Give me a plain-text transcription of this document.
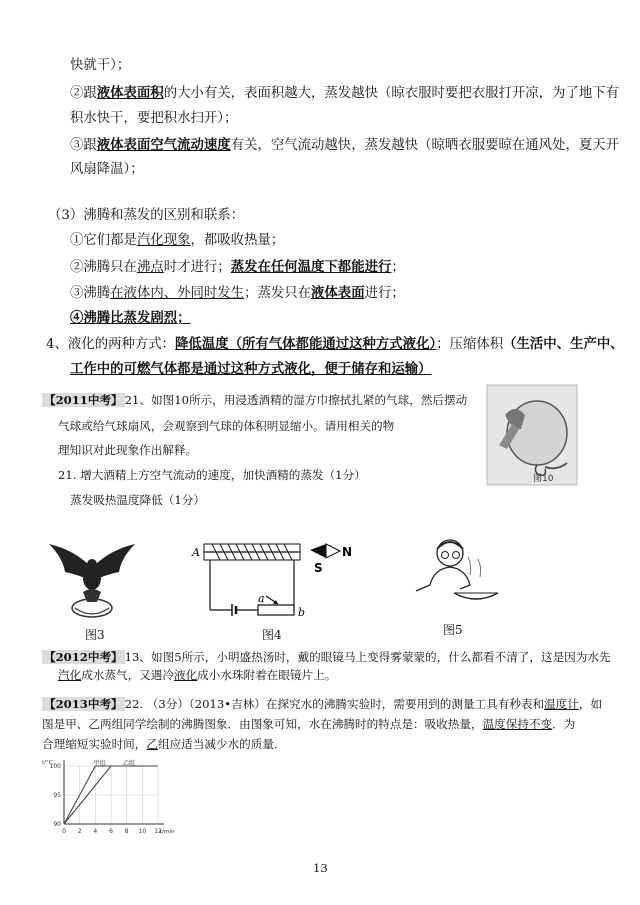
快就干）；
②跟液体表面积的大小有关，表面积越大，蒸发越快（晾衣服时要把衣服打开凉，为了地下有
积水快干，要把积水扫开）；
③跟液体表面空气流动速度有关，空气流动越快，蒸发越快（晾晒衣服要晾在通风处，夏天开
风扇降温）；
（3）沸腾和蒸发的区别和联系：
①它们都是汽化现象，都吸收热量；
②沸腾只在沸点时才进行；蒸发在任何温度下都能进行；
③沸腾在液体内、外同时发生；蒸发只在液体表面进行；
④沸腾比蒸发剧烈；
4、液化的两种方式：降低温度（所有气体都能通过这种方式液化）；压缩体积（生活中、生产中、
工作中的可燃气体都是通过这种方式液化，便于储存和运输）
【2011中考】 21、如图10所示，用浸透酒精的湿方巾擦拭扎紧的气球，然后摆动
气球或给气球扇风，会观察到气球的体积明显缩小。请用相关的物
理知识对此现象作出解释。
21. 增大酒精上方空气流动的速度，加快酒精的蒸发（1分）
蒸发吸热温度降低（1分）
图10
图3
A
S
N
a
b
图4	图5
【2012中考】 13、如图5所示，小明盛热汤时，戴的眼镜马上变得雾蒙蒙的，什么都看不清了，这是因为水先
汽化成水蒸气，又遇冷液化成小水珠附着在眼镜片上。
【2013中考】 22. （3分）（2013•吉林）在探究水的沸腾实验时，需要用到的测量工具有秒表和温度计，如
图是甲、乙两组同学绘制的沸腾图象．由图象可知，水在沸腾时的特点是：吸收热量，温度保持不变．为
合理缩短实验时间，乙组应适当减少水的质量．
0 2 4 6 8 10 12
90
95
100
t/min
t/°C	甲组	乙组
13
